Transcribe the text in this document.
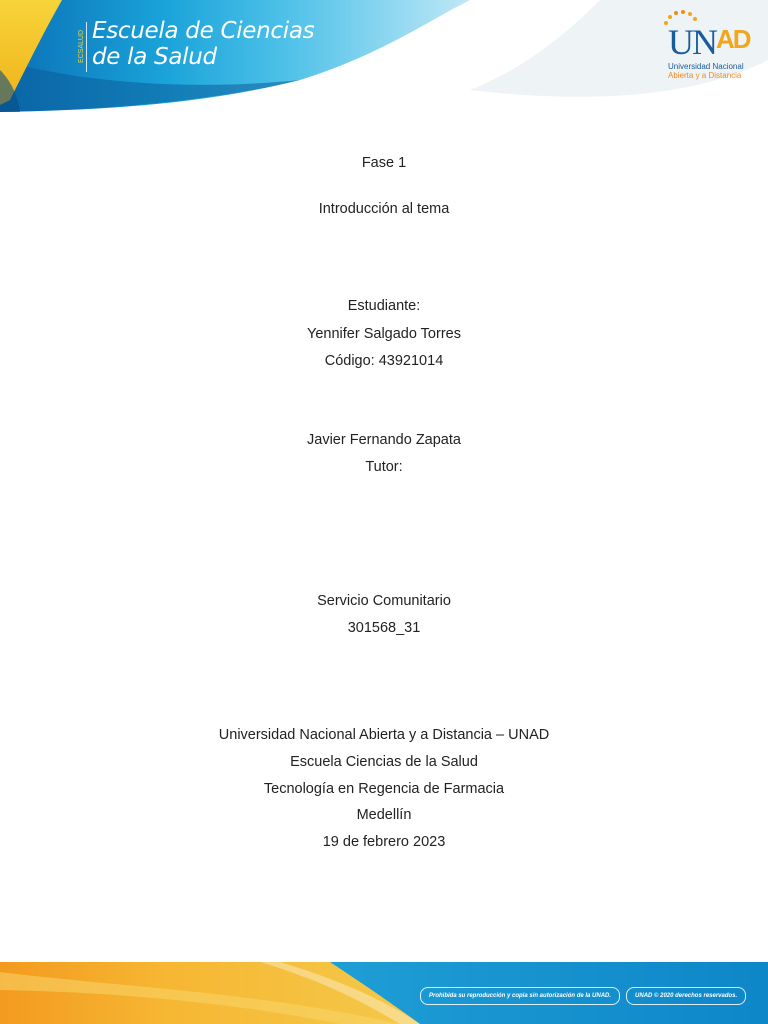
ECSALUD Escuela de Ciencias
de la Salud	UNAD
Universidad Nacional
Abierta y a Distancia
Fase 1
Introducción al tema
Estudiante:
Yennifer Salgado Torres
Código: 43921014
Javier Fernando Zapata
Tutor:
Servicio Comunitario
301568_31
Universidad Nacional Abierta y a Distancia – UNAD
Escuela Ciencias de la Salud
Tecnología en Regencia de Farmacia
Medellín
19 de febrero 2023
Prohibida su reproducción y copia sin autorización de la UNAD.	UNAD © 2020 derechos reservados.
